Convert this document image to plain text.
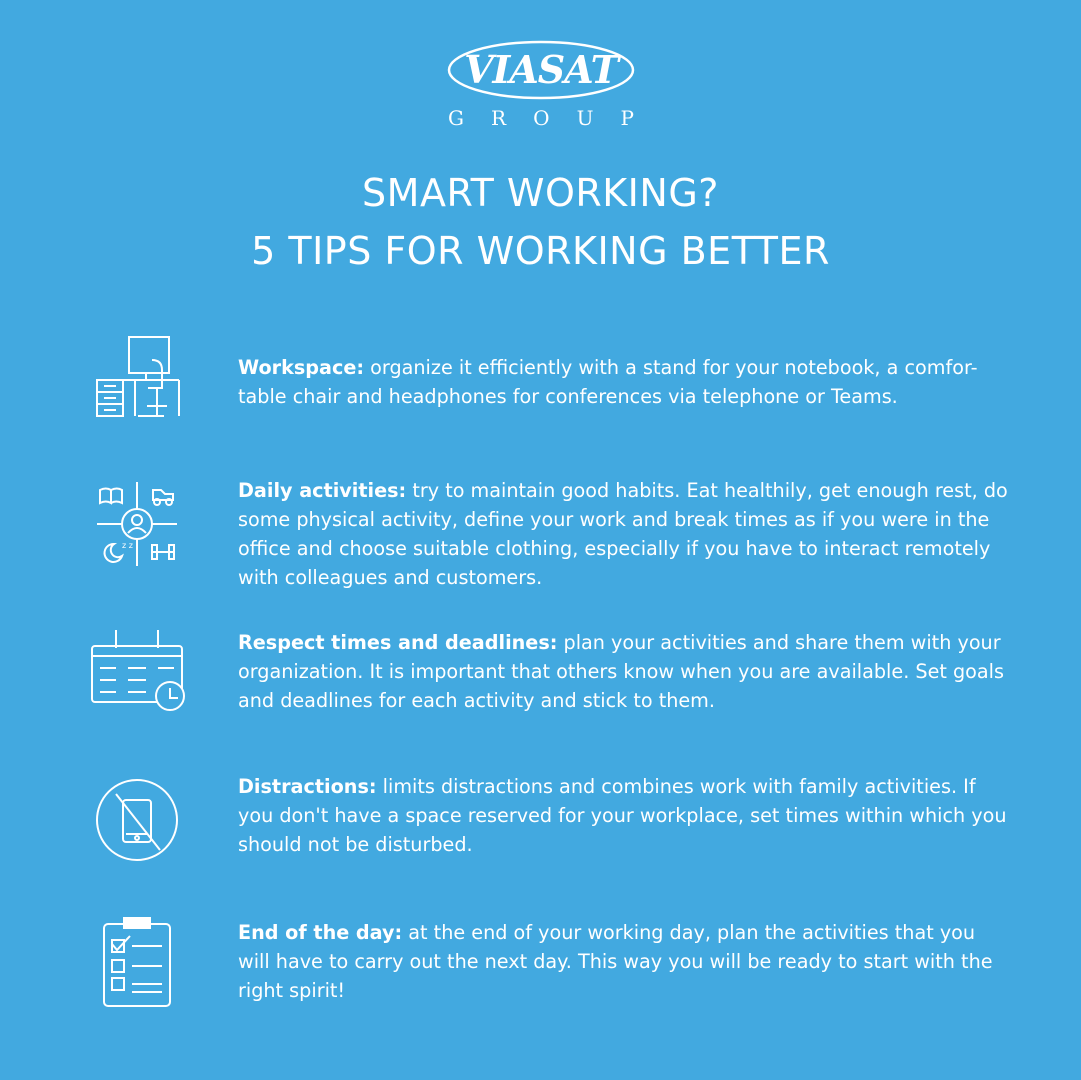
VIASAT
G R O U P
SMART WORKING?
5 TIPS FOR WORKING BETTER
Workspace: organize it efficiently with a stand for your notebook, a comfor-table chair and headphones for conferences via telephone or Teams.
z z
Daily activities: try to maintain good habits. Eat healthily, get enough rest, do some physical activity, define your work and break times as if you were in the office and choose suitable clothing, especially if you have to interact remotely with colleagues and customers.
Respect times and deadlines: plan your activities and share them with your organization. It is important that others know when you are available. Set goals and deadlines for each activity and stick to them.
Distractions: limits distractions and combines work with family activities. If you don't have a space reserved for your workplace, set times within which you should not be disturbed.
End of the day: at the end of your working day, plan the activities that you will have to carry out the next day. This way you will be ready to start with the right spirit!
